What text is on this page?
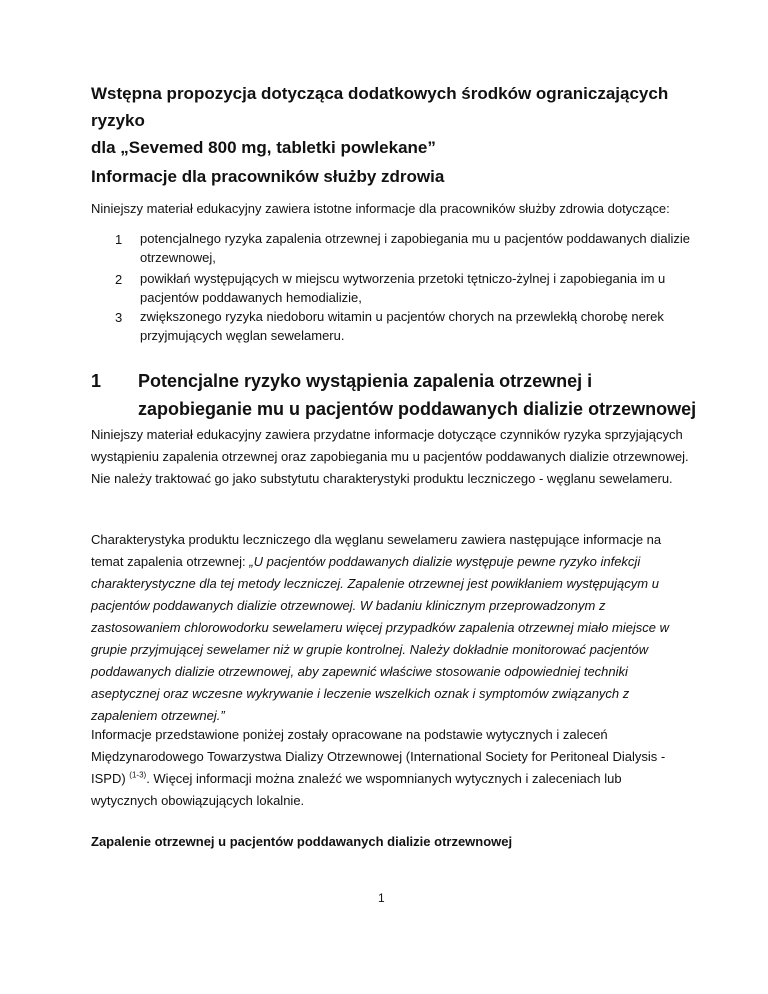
Wstępna propozycja dotycząca dodatkowych środków ograniczających ryzyko
dla „Sevemed 800 mg, tabletki powlekane”
Informacje dla pracowników służby zdrowia
Niniejszy materiał edukacyjny zawiera istotne informacje dla pracowników służby zdrowia dotyczące:
1 potencjalnego ryzyka zapalenia otrzewnej i zapobiegania mu u pacjentów poddawanych dializie otrzewnowej,
2 powikłań występujących w miejscu wytworzenia przetoki tętniczo-żylnej i zapobiegania im u pacjentów poddawanych hemodializie,
3 zwiększonego ryzyka niedoboru witamin u pacjentów chorych na przewlekłą chorobę nerek przyjmujących węglan sewelameru.
1 Potencjalne ryzyko wystąpienia zapalenia otrzewnej i zapobieganie mu u pacjentów poddawanych dializie otrzewnowej
Niniejszy materiał edukacyjny zawiera przydatne informacje dotyczące czynników ryzyka sprzyjających wystąpieniu zapalenia otrzewnej oraz zapobiegania mu u pacjentów poddawanych dializie otrzewnowej. Nie należy traktować go jako substytutu charakterystyki produktu leczniczego - węglanu sewelameru.
Charakterystyka produktu leczniczego dla węglanu sewelameru zawiera następujące informacje na temat zapalenia otrzewnej: „U pacjentów poddawanych dializie występuje pewne ryzyko infekcji charakterystyczne dla tej metody leczniczej. Zapalenie otrzewnej jest powikłaniem występującym u pacjentów poddawanych dializie otrzewnowej. W badaniu klinicznym przeprowadzonym z zastosowaniem chlorowodorku sewelameru więcej przypadków zapalenia otrzewnej miało miejsce w grupie przyjmującej sewelamer niż w grupie kontrolnej. Należy dokładnie monitorować pacjentów poddawanych dializie otrzewnowej, aby zapewnić właściwe stosowanie odpowiedniej techniki aseptycznej oraz wczesne wykrywanie i leczenie wszelkich oznak i symptomów związanych z zapaleniem otrzewnej.”
Informacje przedstawione poniżej zostały opracowane na podstawie wytycznych i zaleceń Międzynarodowego Towarzystwa Dializy Otrzewnowej (International Society for Peritoneal Dialysis - ISPD) $^{(1-3)}$. Więcej informacji można znaleźć we wspomnianych wytycznych i zaleceniach lub wytycznych obowiązujących lokalnie.
Zapalenie otrzewnej u pacjentów poddawanych dializie otrzewnowej
1
